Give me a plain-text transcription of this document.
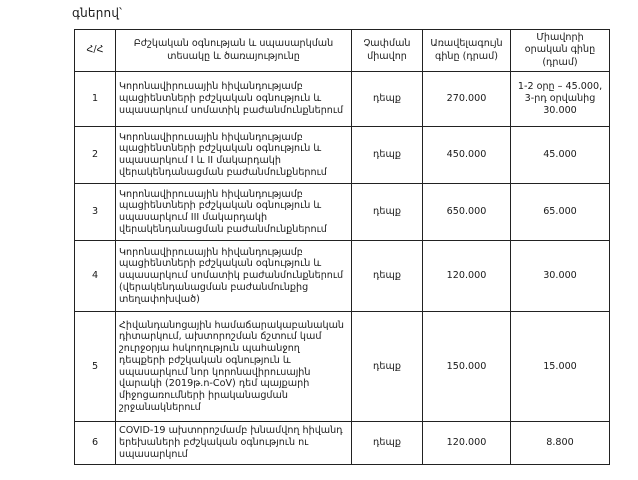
գներով՝
Հ/Հ	Բժշկական օգնության և սպասարկման տեսակը և ծառայությունը	Չափման միավոր	Առավելագույն գինը (դրամ)	Միավորի օրական գինը (դրամ)
1	Կորոնավիրուսային հիվանդությամբ պացիենտների բժշկական օգնություն և սպասարկում սոմատիկ բաժանմունքներում	դեպք	270.000	1-2 օրը – 45.000, 3-րդ օրվանից 30.000
2	Կորոնավիրուսային հիվանդությամբ պացիենտների բժշկական օգնություն և սպասարկում I և II մակարդակի վերակենդանացման բաժանմունքներում	դեպք	450.000	45.000
3	Կորոնավիրուսային հիվանդությամբ պացիենտների բժշկական օգնություն և սպասարկում III մակարդակի վերակենդանացման բաժանմունքներում	դեպք	650.000	65.000
4	Կորոնավիրուսային հիվանդությամբ պացիենտների բժշկական օգնություն և սպասարկում սոմատիկ բաժանմունքներում (վերակենդանացման բաժանմունքից տեղափոխված)	դեպք	120.000	30.000
5	Հիվանդանոցային համաճարակաբանական դիտարկում, ախտորոշման ճշտում կամ շուրջօրյա հսկողություն պահանջող դեպքերի բժշկական օգնություն և սպասարկում նոր կորոնավիրուսային վարակի (2019թ.n-CoV) դեմ պայքարի միջոցառումների իրականացման շրջանակներում	դեպք	150.000	15.000
6	COVID-19 ախտորոշմամբ խնամվող հիվանդ երեխաների բժշկական օգնություն ու սպասարկում	դեպք	120.000	8.800
